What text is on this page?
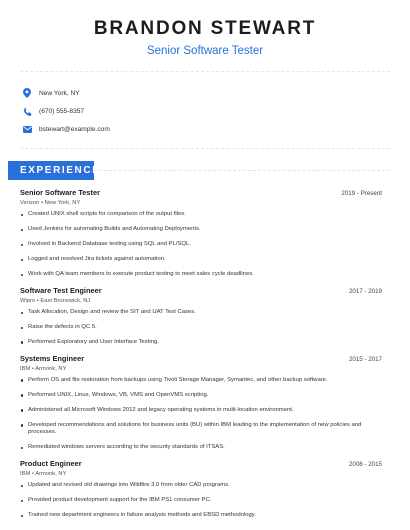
BRANDON STEWART
Senior Software Tester
New York, NY
(670) 555-8357
bstewart@example.com
EXPERIENCE
Senior Software Tester	2019 - Present
Verizon • New York, NY
Created UNIX shell scripts for comparison of the output files.
Used Jenkins for automating Builds and Automating Deployments.
Involved in Backend Database testing using SQL and PL/SQL.
Logged and resolved Jira tickets against automation.
Work with QA team members to execute product testing to meet sales cycle deadlines.
Software Test Engineer	2017 - 2019
Wipro • East Brunswick, NJ
Task Allocation, Design and review the SIT and UAT Test Cases.
Raise the defects in QC 5.
Performed Exploratory and User Interface Testing.
Systems Engineer	2015 - 2017
IBM • Armonk, NY
Perform OS and file restoration from backups using Tivoli Storage Manager, Symantec, and other backup software.
Performed UNIX, Linux, Windows, VB, VMS and OpenVMS scripting.
Administered all Microsoft Windows 2012 and legacy operating systems in multi-location environment.
Developed recommendations and solutions for business units (BU) within IBM leading to the implementation of new policies and processes.
Remediated windows servers according to the security standards of ITSAS.
Product Engineer	2008 - 2015
IBM • Armonk, NY
Updated and revised old drawings into Wildfire 3.0 from older CAD programs.
Provided product development support for the IBM PS1 consumer PC.
Trained new department engineers in failure analysis methods and EBSD methodology.
